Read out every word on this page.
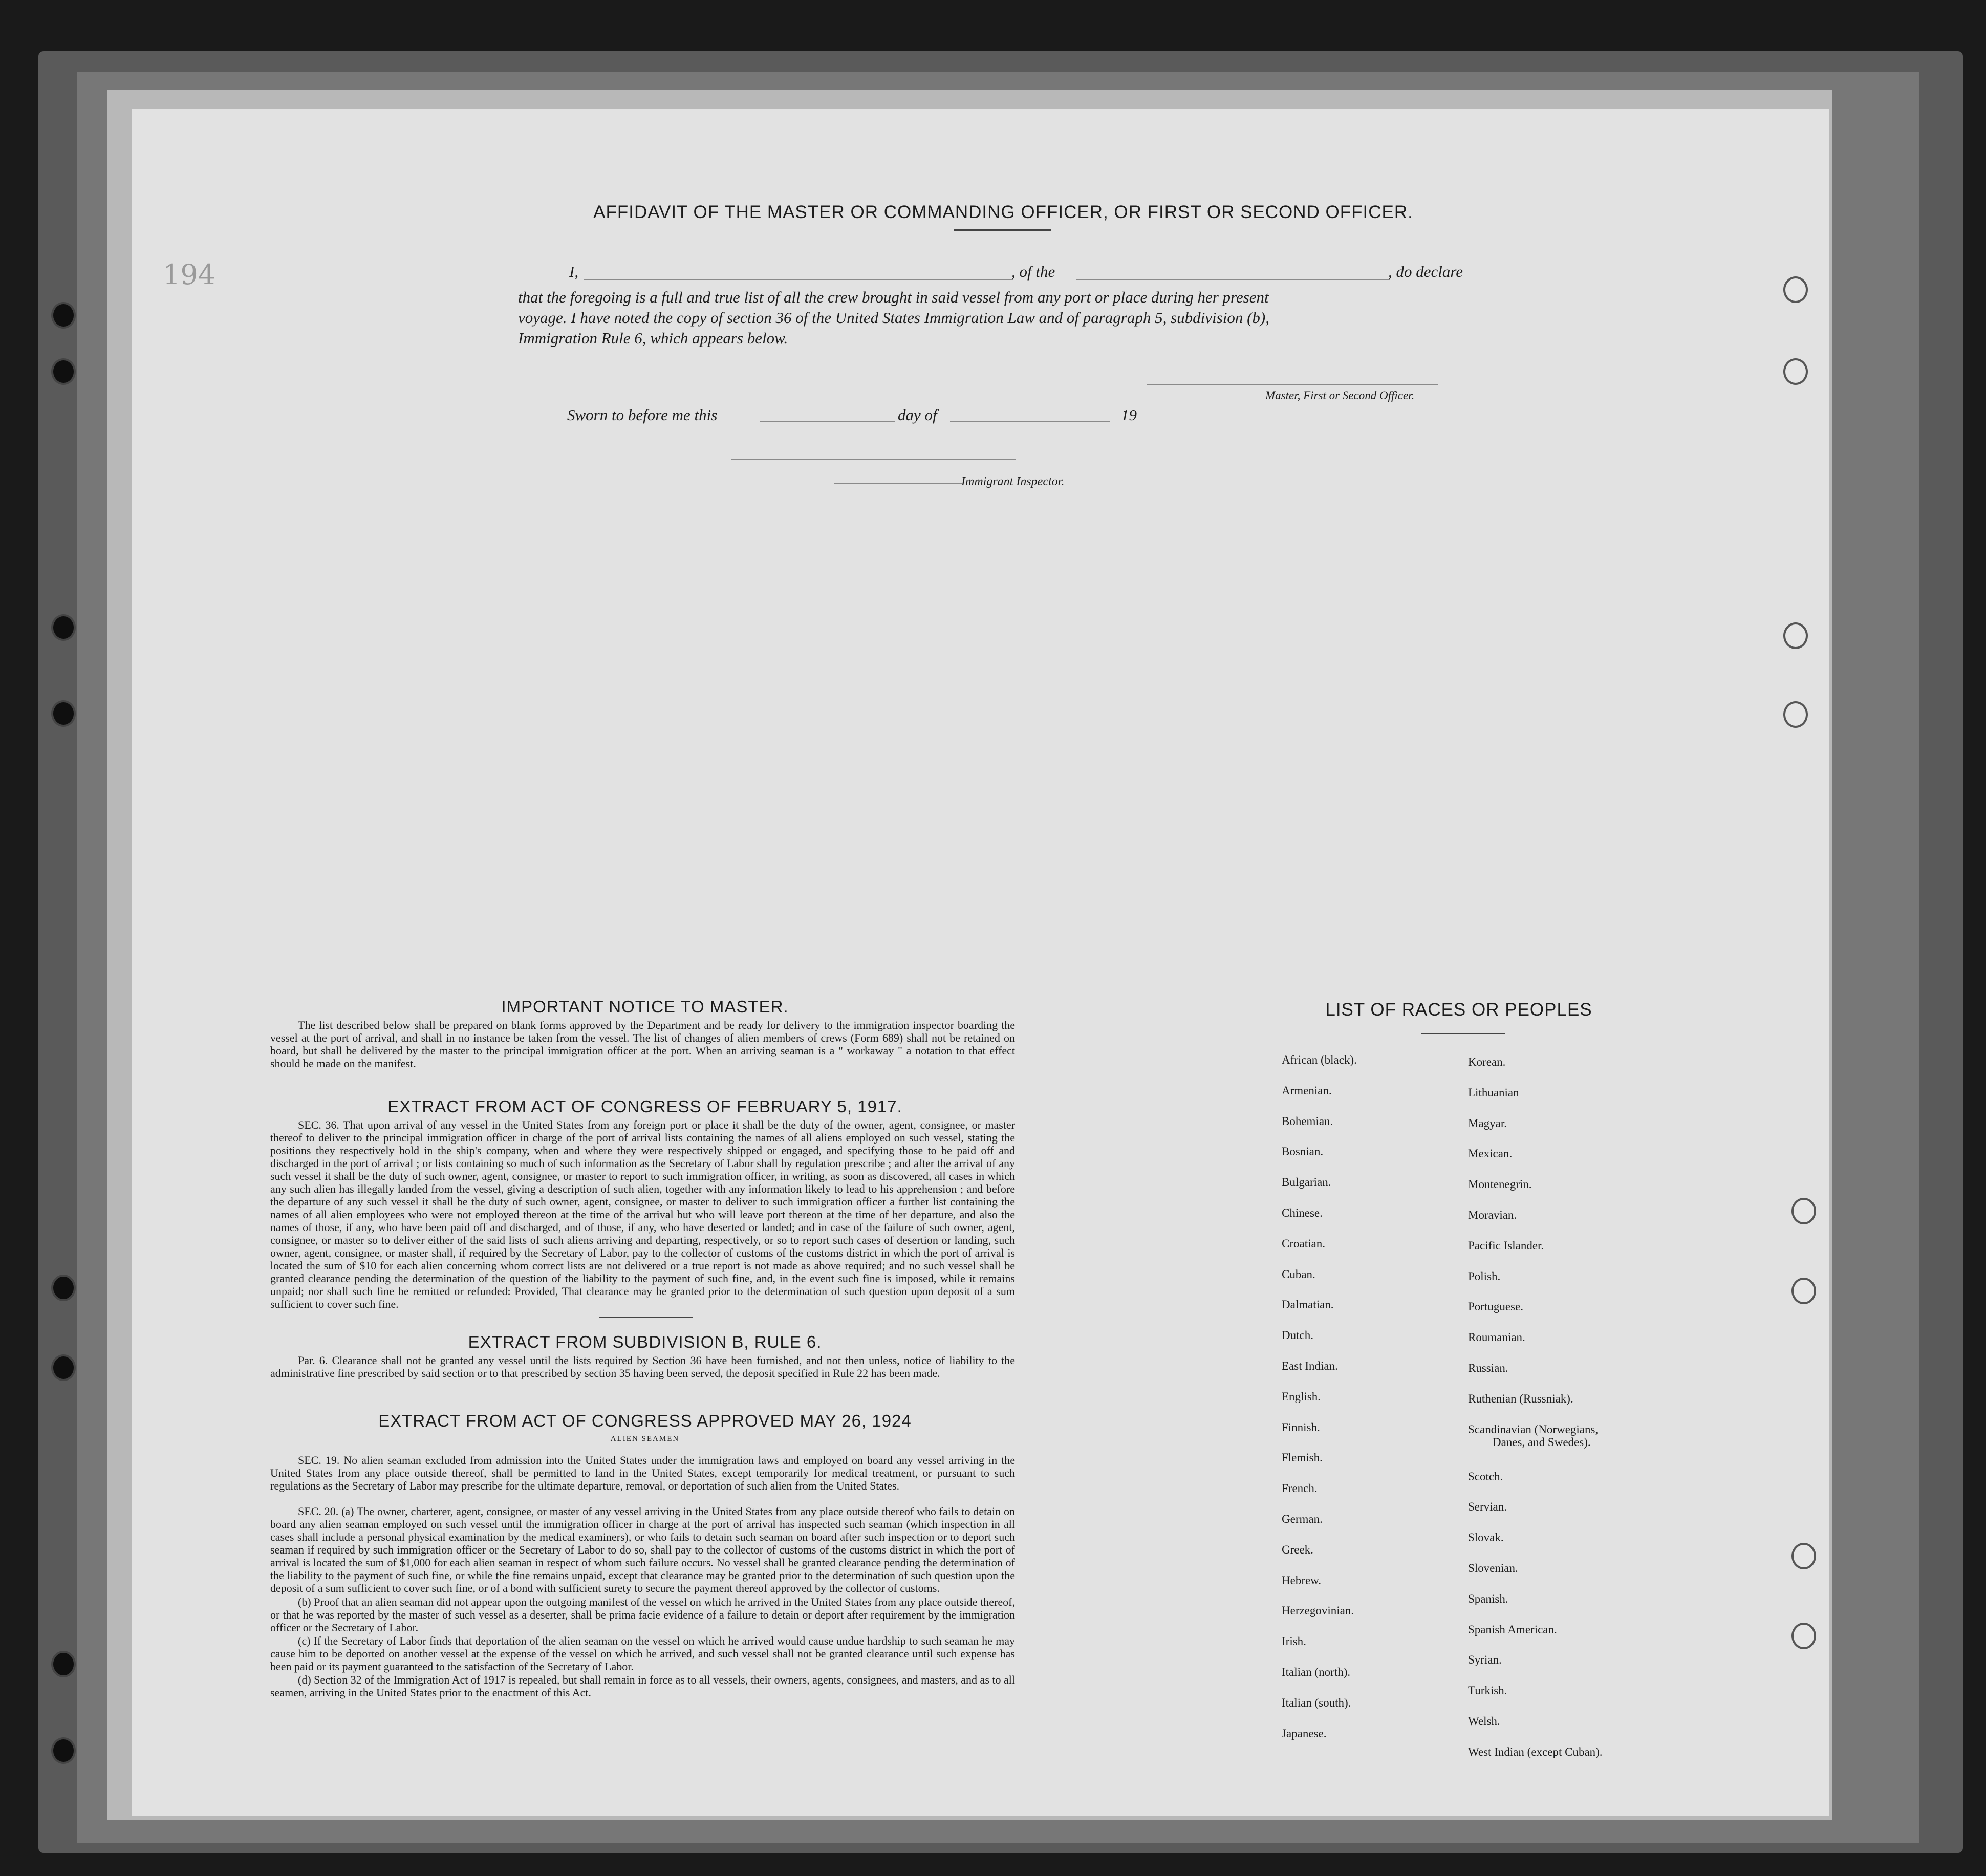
194
AFFIDAVIT OF THE MASTER OR COMMANDING OFFICER, OR FIRST OR SECOND OFFICER.
I,	, of the	, do declare
that the foregoing is a full and true list of all the crew brought in said vessel from any port or place during her present
voyage. I have noted the copy of section 36 of the United States Immigration Law and of paragraph 5, subdivision (b),
Immigration Rule 6, which appears below.
Master, First or Second Officer.
Sworn to before me this	day of	19
Immigrant Inspector.
IMPORTANT NOTICE TO MASTER.
The list described below shall be prepared on blank forms approved by the Department and be ready for delivery to the immigration inspector boarding the vessel at the port of arrival, and shall in no instance be taken from the vessel. The list of changes of alien members of crews (Form 689) shall not be retained on board, but shall be delivered by the master to the principal immigration officer at the port. When an arriving seaman is a " workaway " a notation to that effect should be made on the manifest.
EXTRACT FROM ACT OF CONGRESS OF FEBRUARY 5, 1917.
SEC. 36. That upon arrival of any vessel in the United States from any foreign port or place it shall be the duty of the owner, agent, consignee, or master thereof to deliver to the principal immigration officer in charge of the port of arrival lists containing the names of all aliens employed on such vessel, stating the positions they respectively hold in the ship's company, when and where they were respectively shipped or engaged, and specifying those to be paid off and discharged in the port of arrival ; or lists containing so much of such information as the Secretary of Labor shall by regulation prescribe ; and after the arrival of any such vessel it shall be the duty of such owner, agent, consignee, or master to report to such immigration officer, in writing, as soon as discovered, all cases in which any such alien has illegally landed from the vessel, giving a description of such alien, together with any information likely to lead to his apprehension ; and before the departure of any such vessel it shall be the duty of such owner, agent, consignee, or master to deliver to such immigration officer a further list containing the names of all alien employees who were not employed thereon at the time of the arrival but who will leave port thereon at the time of her departure, and also the names of those, if any, who have been paid off and discharged, and of those, if any, who have deserted or landed; and in case of the failure of such owner, agent, consignee, or master so to deliver either of the said lists of such aliens arriving and departing, respectively, or so to report such cases of desertion or landing, such owner, agent, consignee, or master shall, if required by the Secretary of Labor, pay to the collector of customs of the customs district in which the port of arrival is located the sum of $10 for each alien concerning whom correct lists are not delivered or a true report is not made as above required; and no such vessel shall be granted clearance pending the determination of the question of the liability to the payment of such fine, and, in the event such fine is imposed, while it remains unpaid; nor shall such fine be remitted or refunded: Provided, That clearance may be granted prior to the determination of such question upon deposit of a sum sufficient to cover such fine.
EXTRACT FROM SUBDIVISION B, RULE 6.
Par. 6. Clearance shall not be granted any vessel until the lists required by Section 36 have been furnished, and not then unless, notice of liability to the administrative fine prescribed by said section or to that prescribed by section 35 having been served, the deposit specified in Rule 22 has been made.
EXTRACT FROM ACT OF CONGRESS APPROVED MAY 26, 1924
ALIEN SEAMEN
SEC. 19. No alien seaman excluded from admission into the United States under the immigration laws and employed on board any vessel arriving in the United States from any place outside thereof, shall be permitted to land in the United States, except temporarily for medical treatment, or pursuant to such regulations as the Secretary of Labor may prescribe for the ultimate departure, removal, or deportation of such alien from the United States.
SEC. 20. (a) The owner, charterer, agent, consignee, or master of any vessel arriving in the United States from any place outside thereof who fails to detain on board any alien seaman employed on such vessel until the immigration officer in charge at the port of arrival has inspected such seaman (which inspection in all cases shall include a personal physical examination by the medical examiners), or who fails to detain such seaman on board after such inspection or to deport such seaman if required by such immigration officer or the Secretary of Labor to do so, shall pay to the collector of customs of the customs district in which the port of arrival is located the sum of $1,000 for each alien seaman in respect of whom such failure occurs. No vessel shall be granted clearance pending the determination of the liability to the payment of such fine, or while the fine remains unpaid, except that clearance may be granted prior to the determination of such question upon the deposit of a sum sufficient to cover such fine, or of a bond with sufficient surety to secure the payment thereof approved by the collector of customs.
(b) Proof that an alien seaman did not appear upon the outgoing manifest of the vessel on which he arrived in the United States from any place outside thereof, or that he was reported by the master of such vessel as a deserter, shall be prima facie evidence of a failure to detain or deport after requirement by the immigration officer or the Secretary of Labor.
(c) If the Secretary of Labor finds that deportation of the alien seaman on the vessel on which he arrived would cause undue hardship to such seaman he may cause him to be deported on another vessel at the expense of the vessel on which he arrived, and such vessel shall not be granted clearance until such expense has been paid or its payment guaranteed to the satisfaction of the Secretary of Labor.
(d) Section 32 of the Immigration Act of 1917 is repealed, but shall remain in force as to all vessels, their owners, agents, consignees, and masters, and as to all seamen, arriving in the United States prior to the enactment of this Act.
LIST OF RACES OR PEOPLES
African (black).
Armenian.
Bohemian.
Bosnian.
Bulgarian.
Chinese.
Croatian.
Cuban.
Dalmatian.
Dutch.
East Indian.
English.
Finnish.
Flemish.
French.
German.
Greek.
Hebrew.
Herzegovinian.
Irish.
Italian (north).
Italian (south).
Japanese.
Korean.
Lithuanian
Magyar.
Mexican.
Montenegrin.
Moravian.
Pacific Islander.
Polish.
Portuguese.
Roumanian.
Russian.
Ruthenian (Russniak).
Scandinavian (Norwegians,
Danes, and Swedes).
Scotch.
Servian.
Slovak.
Slovenian.
Spanish.
Spanish American.
Syrian.
Turkish.
Welsh.
West Indian (except Cuban).
